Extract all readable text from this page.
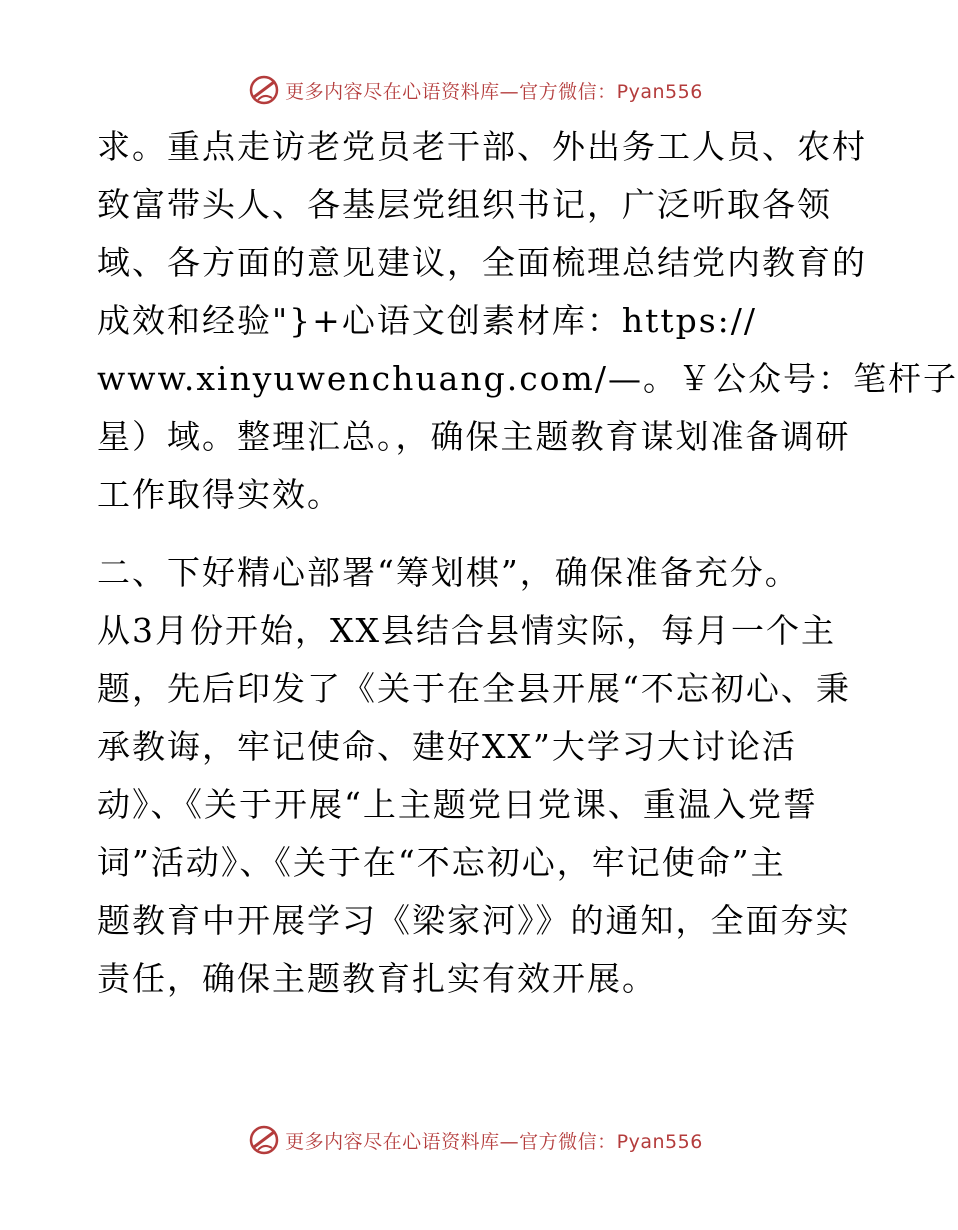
更多内容尽在心语资料库—官方微信：Pyan556
求。重点走访老党员老干部、外出务工人员、农村
致富带头人、各基层党组织书记，广泛听取各领
域、各方面的意见建议，全面梳理总结党内教育的
成效和经验"}+心语文创素材库：https://
www.xinyuwenchuang.com/—。￥公众号：笔杆子
星）域。整理汇总。，确保主题教育谋划准备调研
工作取得实效。
二、下好精心部署“筹划棋”，确保准备充分。
从3月份开始，XX县结合县情实际，每月一个主
题，先后印发了《关于在全县开展“不忘初心、秉
承教诲，牢记使命、建好XX”大学习大讨论活
动》、《关于开展“上主题党日党课、重温入党誓
词”活动》、《关于在“不忘初心，牢记使命”主
题教育中开展学习《梁家河》》的通知，全面夯实
责任，确保主题教育扎实有效开展。
更多内容尽在心语资料库—官方微信：Pyan556
